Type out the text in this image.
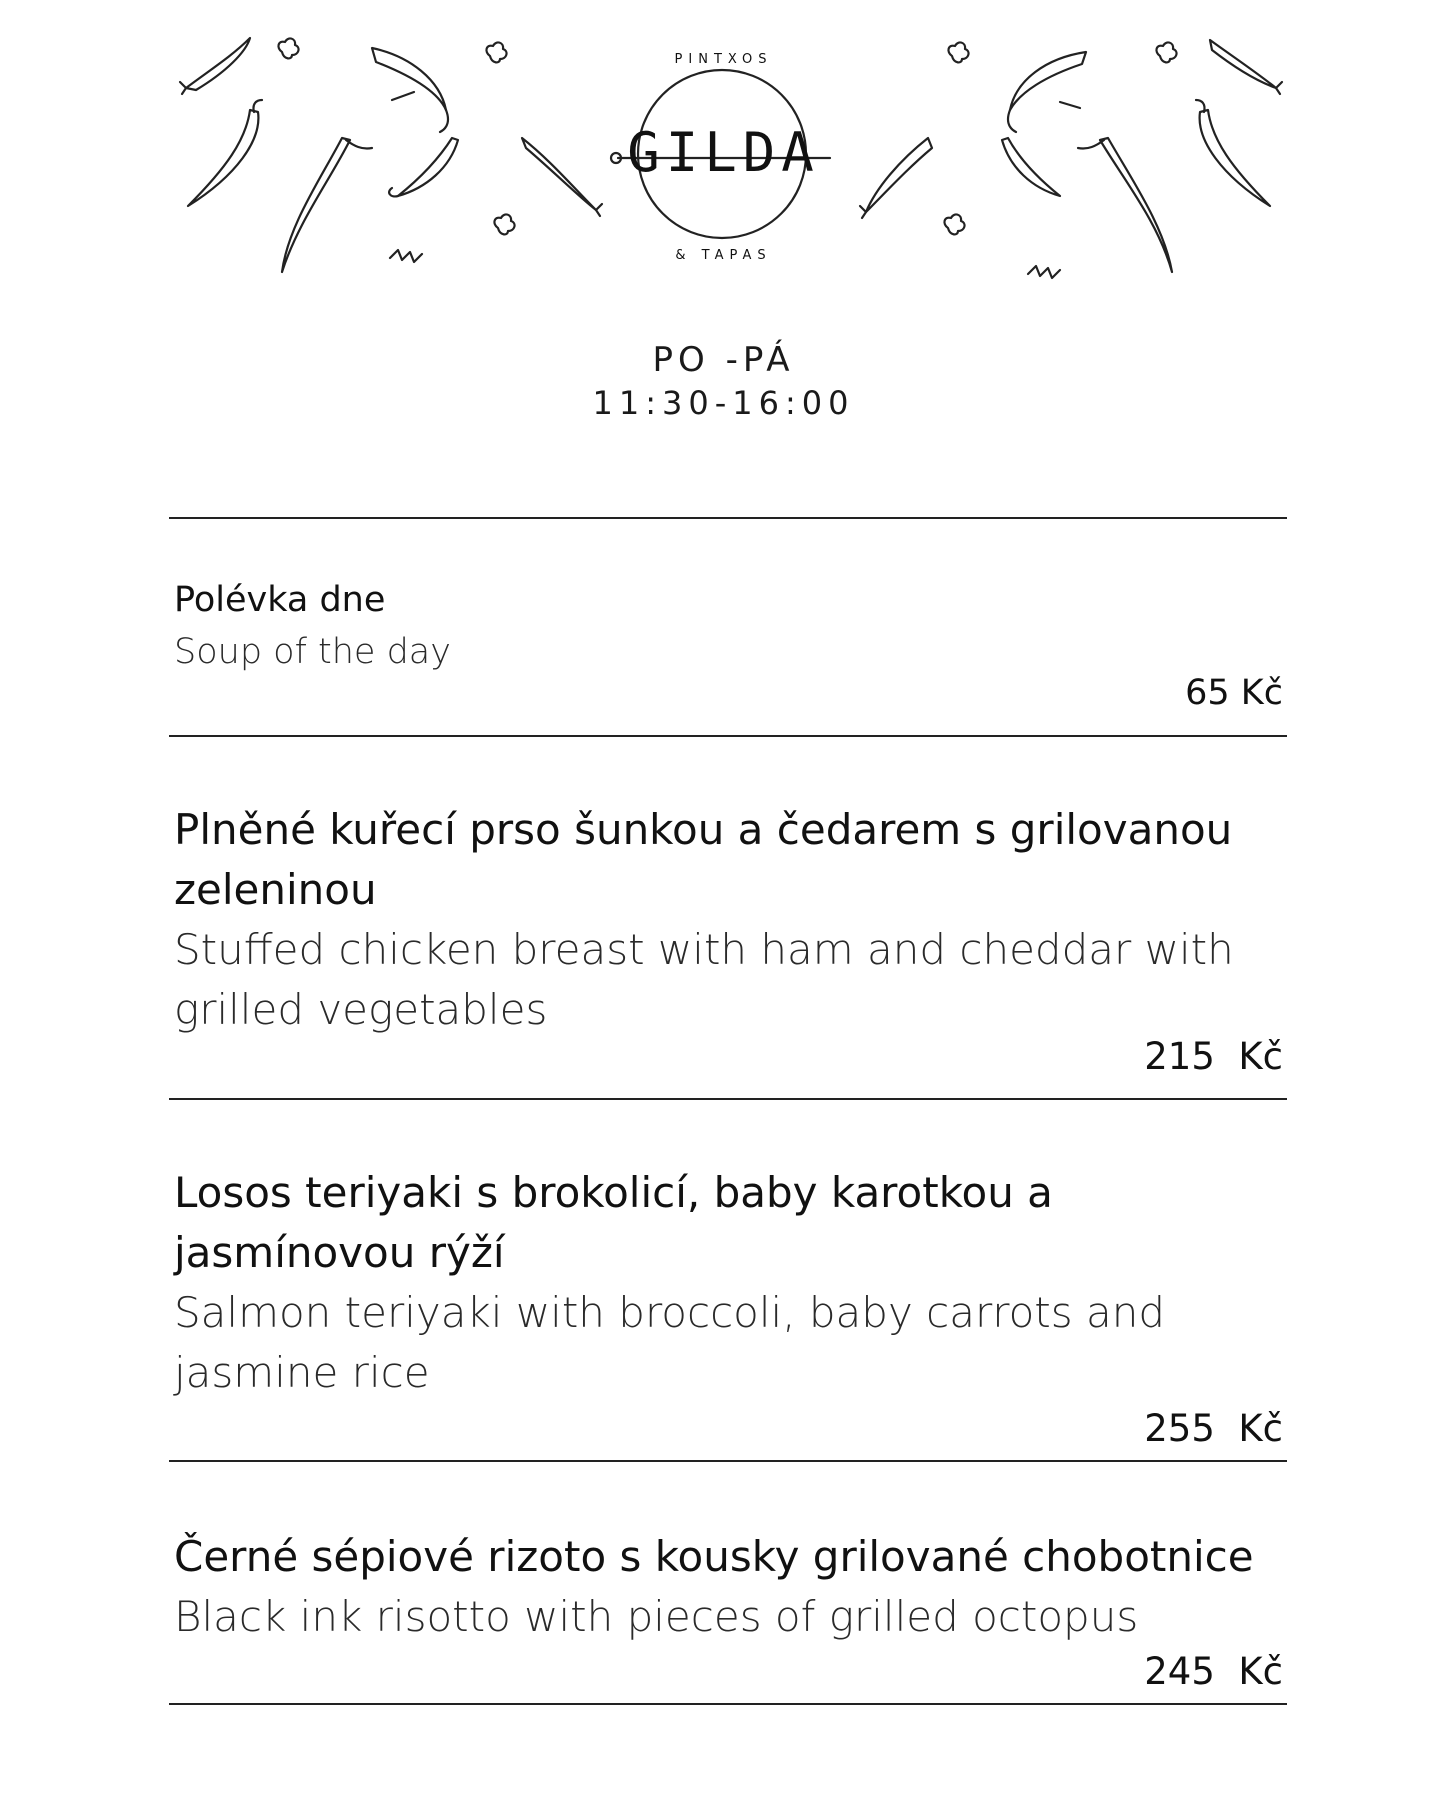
PINTXOS
GILDA
& TAPAS
PO -PÁ
11:30-16:00
Polévka dne
Soup of the day
65 Kč
Plněné kuřecí prso šunkou a čedarem s grilovanou zeleninou
Stuffed chicken breast with ham and cheddar with grilled vegetables
215  Kč
Losos teriyaki s brokolicí, baby karotkou a jasmínovou rýží
Salmon teriyaki with broccoli, baby carrots and jasmine rice
255  Kč
Černé sépiové rizoto s kousky grilované chobotnice
Black ink risotto with pieces of grilled octopus
245  Kč
